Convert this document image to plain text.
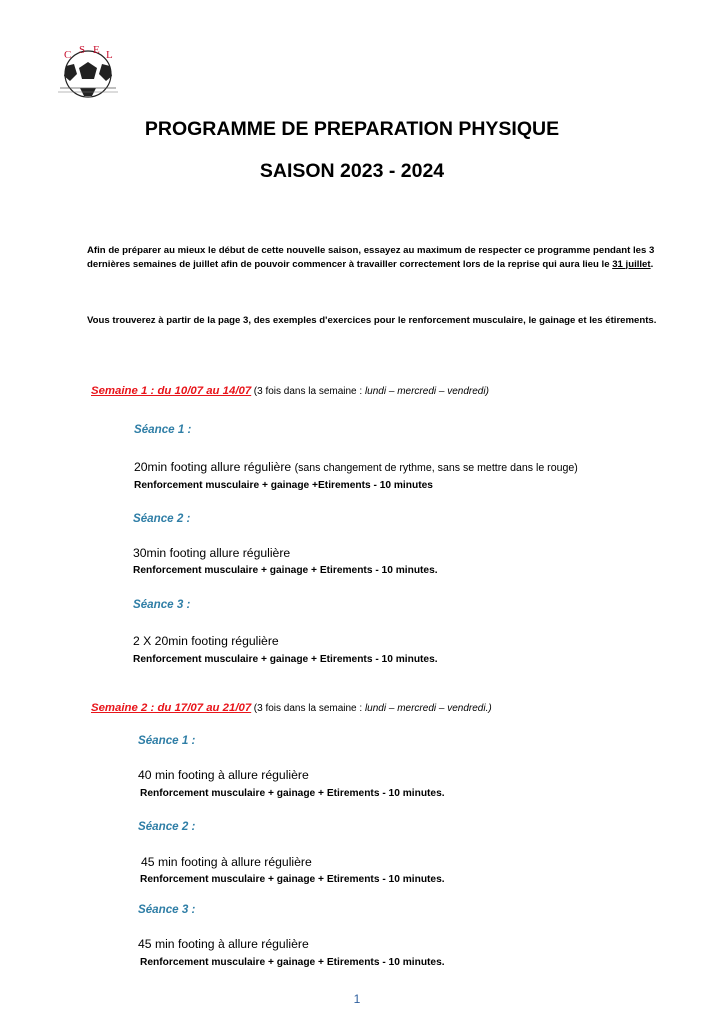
C S E L
PROGRAMME DE PREPARATION PHYSIQUE
SAISON 2023 - 2024
Afin de préparer au mieux le début de cette nouvelle saison, essayez au maximum de respecter ce programme pendant les 3 dernières semaines de juillet afin de pouvoir commencer à travailler correctement lors de la reprise qui aura lieu le 31 juillet.
Vous trouverez à partir de la page 3, des exemples d'exercices pour le renforcement musculaire, le gainage et les étirements.
Semaine 1 : du 10/07 au 14/07 (3 fois dans la semaine : lundi – mercredi – vendredi)
Séance 1 :
20min footing allure régulière (sans changement de rythme, sans se mettre dans le rouge)
Renforcement musculaire + gainage +Etirements - 10 minutes
Séance 2 :
30min footing allure régulière
Renforcement musculaire + gainage + Etirements - 10 minutes.
Séance 3 :
2 X 20min footing régulière
Renforcement musculaire + gainage + Etirements - 10 minutes.
Semaine 2 : du 17/07 au 21/07 (3 fois dans la semaine : lundi – mercredi – vendredi.)
Séance 1 :
40 min footing à allure régulière
Renforcement musculaire + gainage + Etirements - 10 minutes.
Séance 2 :
45 min footing à allure régulière
Renforcement musculaire + gainage + Etirements - 10 minutes.
Séance 3 :
45 min footing à allure régulière
Renforcement musculaire + gainage + Etirements - 10 minutes.
1
